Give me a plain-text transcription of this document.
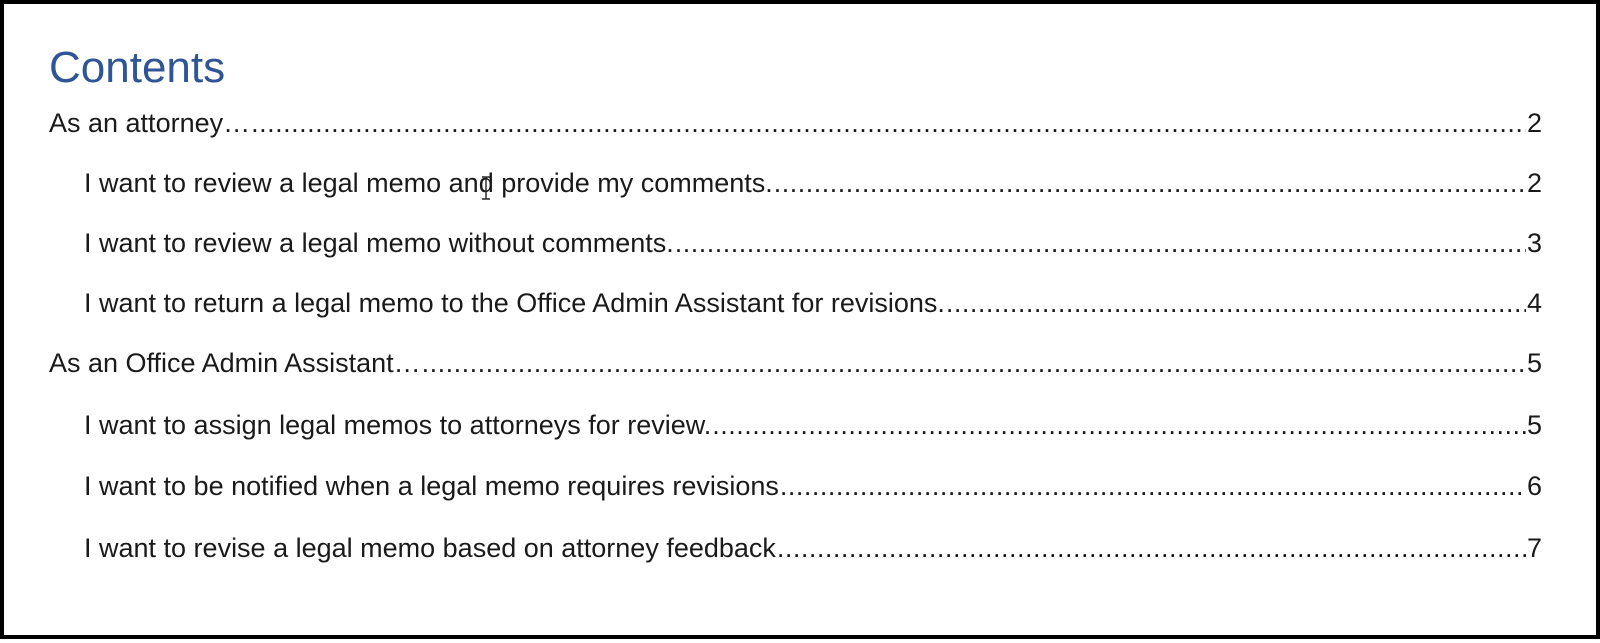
Contents
As an attorney… .....	2
I want to review a legal memo and provide my comments. .....	2
I want to review a legal memo without comments. .....	3
I want to return a legal memo to the Office Admin Assistant for revisions. .....	4
As an Office Admin Assistant… .....	5
I want to assign legal memos to attorneys for review. .....	5
I want to be notified when a legal memo requires revisions .....	6
I want to revise a legal memo based on attorney feedback .....	7
